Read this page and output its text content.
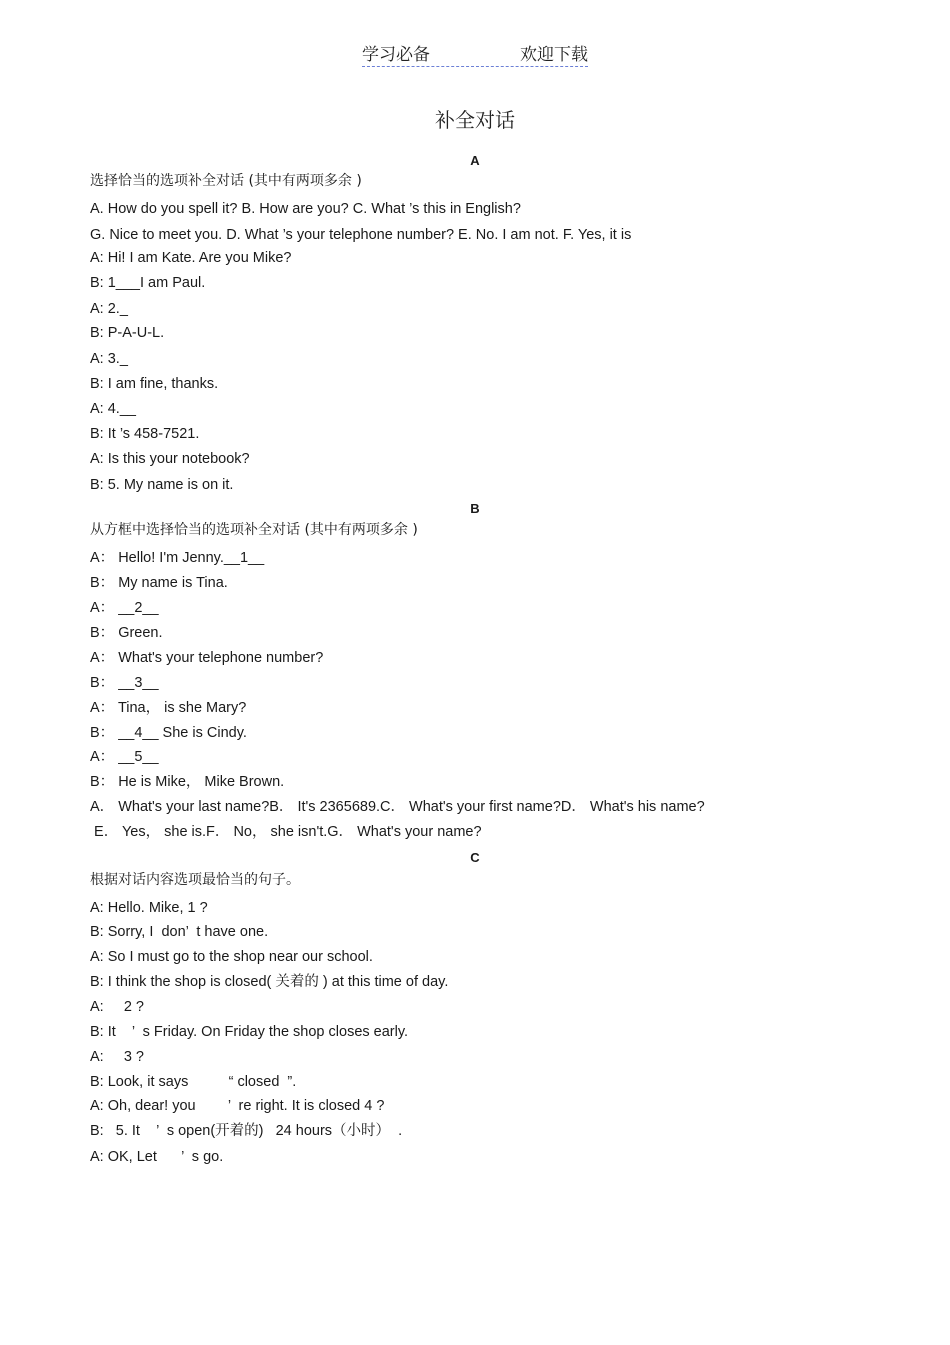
学习必备	欢迎下载
补全对话
A
选择恰当的选项补全对话 (其中有两项多余 )
A. How do you spell it? B. How are you? C. What ’s this in English?
G. Nice to meet you. D. What ’s your telephone number? E. No. I am not. F. Yes, it is
A: Hi! I am Kate. Are you Mike?
B: 1___I am Paul.
A: 2._
B: P-A-U-L.
A: 3._
B: I am fine, thanks.
A: 4.__
B: It ’s 458-7521.
A: Is this your notebook?
B: 5. My name is on it.
B
从方框中选择恰当的选项补全对话 (其中有两项多余 )
A： Hello! I'm Jenny.__1__
B： My name is Tina.
A： __2__
B： Green.
A： What's your telephone number?
B： __3__
A： Tina， is she Mary?
B： __4__ She is Cindy.
A： __5__
B： He is Mike， Mike Brown.
A． What's your last name?B． It's 2365689.C． What's your first name?D． What's his name?
E． Yes， she is.F． No， she isn't.G． What's your name?
C
根据对话内容选项最恰当的句子。
A: Hello. Mike, 1 ?
B: Sorry, I  don’  t have one.
A: So I must go to the shop near our school.
B: I think the shop is closed( 关着的 ) at this time of day.
A:     2 ?
B: It    ’  s Friday. On Friday the shop closes early.
A:     3 ?
B: Look, it says          “ closed  ”.
A: Oh, dear! you        ’  re right. It is closed 4 ?
B:   5. It    ’  s open(开着的)   24 hours（小时）  .
A: OK, Let      ’  s go.
